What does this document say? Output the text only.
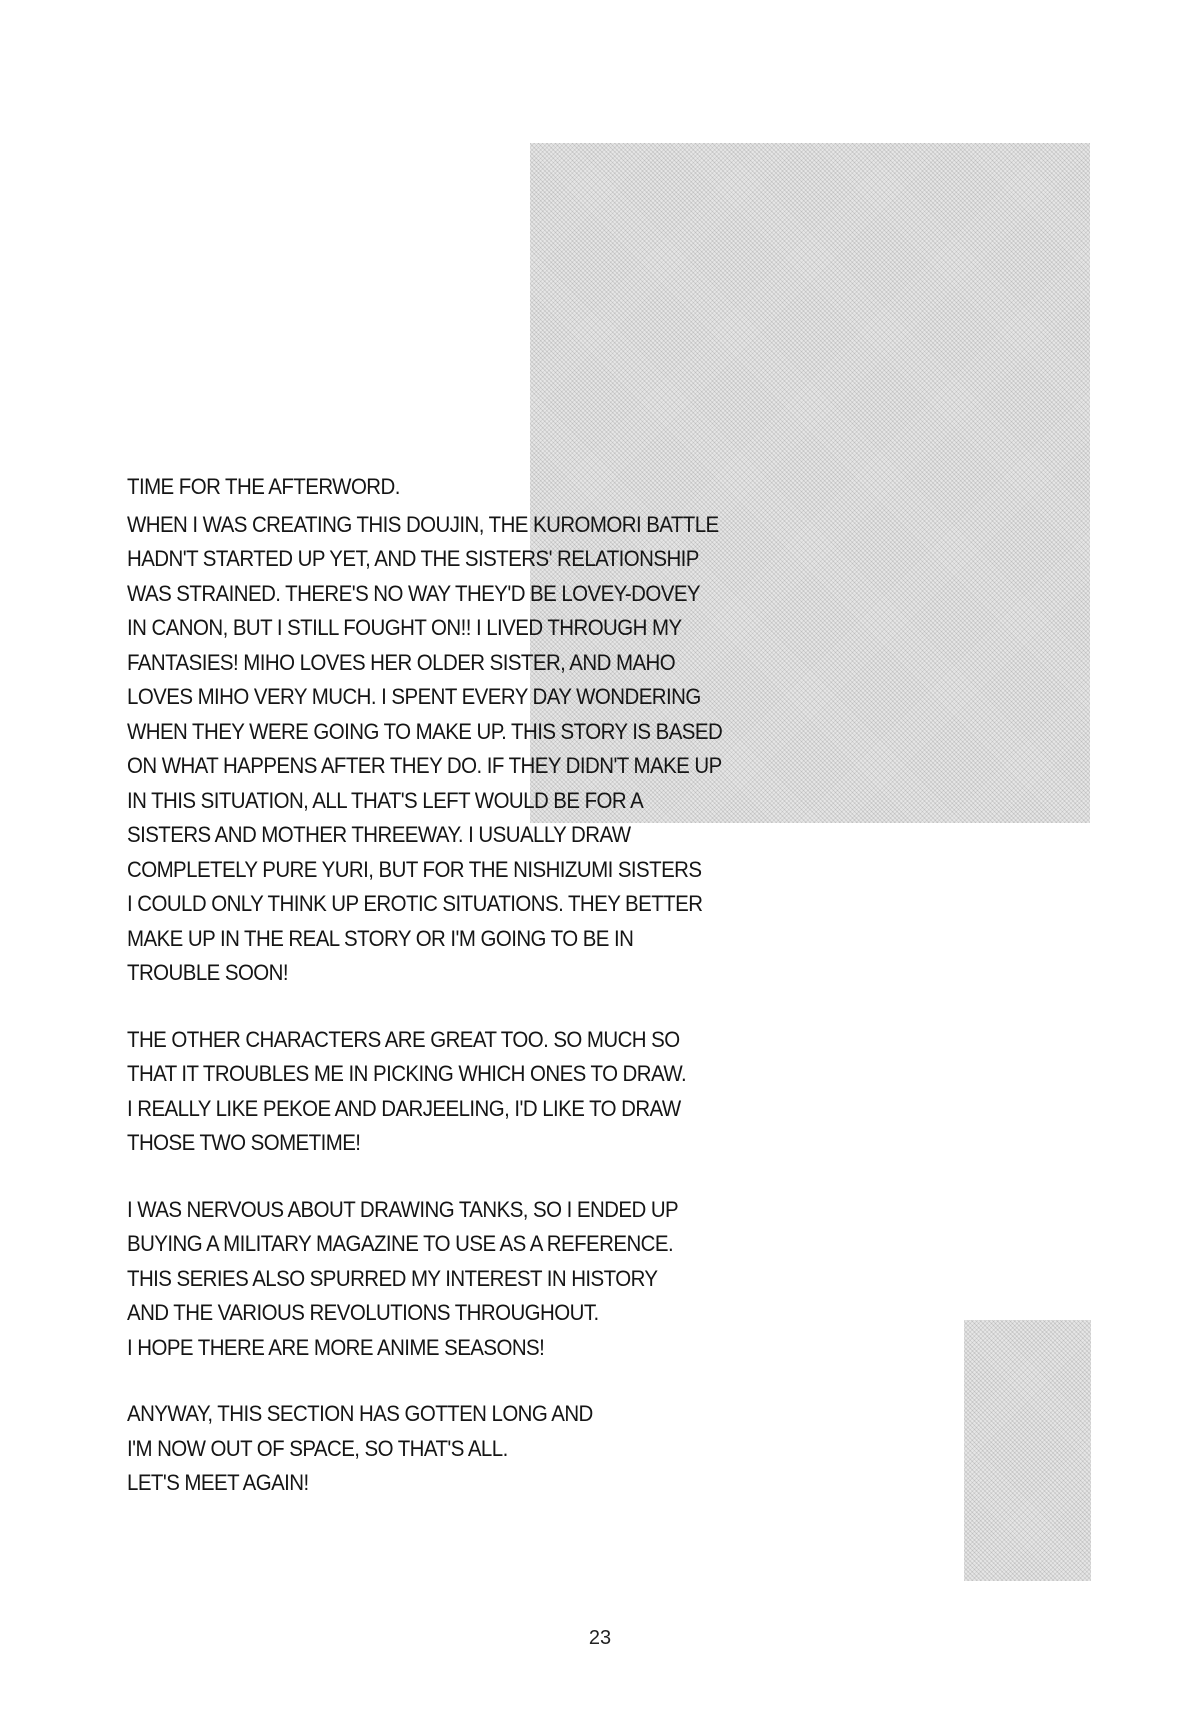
TIME FOR THE AFTERWORD.
WHEN I WAS CREATING THIS DOUJIN, THE KUROMORI BATTLE
HADN'T STARTED UP YET, AND THE SISTERS' RELATIONSHIP
WAS STRAINED. THERE'S NO WAY THEY'D BE LOVEY-DOVEY
IN CANON, BUT I STILL FOUGHT ON!! I LIVED THROUGH MY
FANTASIES! MIHO LOVES HER OLDER SISTER, AND MAHO
LOVES MIHO VERY MUCH. I SPENT EVERY DAY WONDERING
WHEN THEY WERE GOING TO MAKE UP. THIS STORY IS BASED
ON WHAT HAPPENS AFTER THEY DO. IF THEY DIDN'T MAKE UP
IN THIS SITUATION, ALL THAT'S LEFT WOULD BE FOR A
SISTERS AND MOTHER THREEWAY. I USUALLY DRAW
COMPLETELY PURE YURI, BUT FOR THE NISHIZUMI SISTERS
I COULD ONLY THINK UP EROTIC SITUATIONS. THEY BETTER
MAKE UP IN THE REAL STORY OR I'M GOING TO BE IN
TROUBLE SOON!
THE OTHER CHARACTERS ARE GREAT TOO. SO MUCH SO
THAT IT TROUBLES ME IN PICKING WHICH ONES TO DRAW.
I REALLY LIKE PEKOE AND DARJEELING, I'D LIKE TO DRAW
THOSE TWO SOMETIME!
I WAS NERVOUS ABOUT DRAWING TANKS, SO I ENDED UP
BUYING A MILITARY MAGAZINE TO USE AS A REFERENCE.
THIS SERIES ALSO SPURRED MY INTEREST IN HISTORY
AND THE VARIOUS REVOLUTIONS THROUGHOUT.
I HOPE THERE ARE MORE ANIME SEASONS!
ANYWAY, THIS SECTION HAS GOTTEN LONG AND
I'M NOW OUT OF SPACE, SO THAT'S ALL.
LET'S MEET AGAIN!
23
